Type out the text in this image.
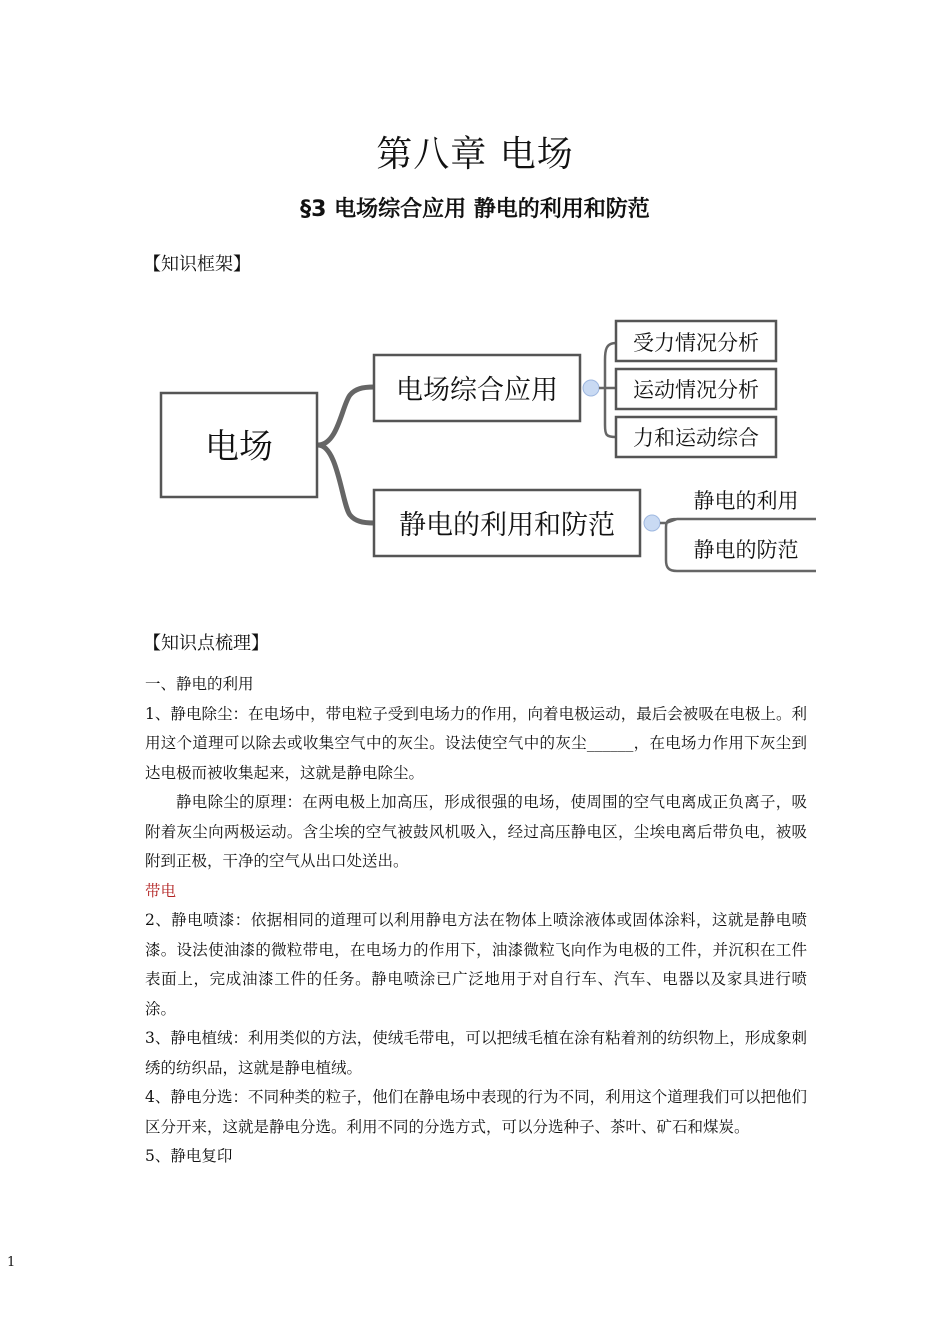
第八章 电场
§3 电场综合应用 静电的利用和防范
【知识框架】
电场
电场综合应用
受力情况分析
运动情况分析
力和运动综合
静电的利用和防范
静电的利用
静电的防范
【知识点梳理】

一、静电的利用

1、静电除尘：在电场中，带电粒子受到电场力的作用，向着电极运动，最后会被吸在电极上。利用这个道理可以除去或收集空气中的灰尘。设法使空气中的灰尘______，在电场力作用下灰尘到达电极而被收集起来，这就是静电除尘。

静电除尘的原理：在两电极上加高压，形成很强的电场，使周围的空气电离成正负离子，吸附着灰尘向两极运动。含尘埃的空气被鼓风机吸入，经过高压静电区，尘埃电离后带负电，被吸附到正极，干净的空气从出口处送出。

带电

2、静电喷漆：依据相同的道理可以利用静电方法在物体上喷涂液体或固体涂料，这就是静电喷漆。设法使油漆的微粒带电，在电场力的作用下，油漆微粒飞向作为电极的工件，并沉积在工件表面上，完成油漆工件的任务。静电喷涂已广泛地用于对自行车、汽车、电器以及家具进行喷涂。

3、静电植绒：利用类似的方法，使绒毛带电，可以把绒毛植在涂有粘着剂的纺织物上，形成象刺绣的纺织品，这就是静电植绒。

4、静电分选：不同种类的粒子，他们在静电场中表现的行为不同，利用这个道理我们可以把他们区分开来，这就是静电分选。利用不同的分选方式，可以分选种子、茶叶、矿石和煤炭。

5、静电复印

1
